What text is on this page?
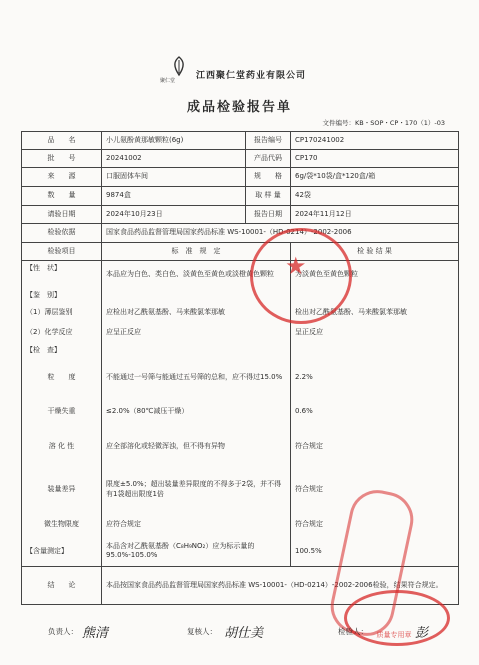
聚仁堂 江西聚仁堂药业有限公司
成品检验报告单
文件编号：KB・SOP・CP・170（1）-03
品　　名	小儿氨酚黄那敏颗粒(6g)	报告编号	CP170241002
批　　号	20241002	产品代码	CP170
来　　源	口服固体车间	规　　格	6g/袋*10袋/盒*120盒/箱
数　　量	9874盒	取 样 量	42袋
请验日期	2024年10月23日	报告日期	2024年11月12日
检验依据	国家食品药品监督管理局国家药品标准 WS-10001-（HD-0214）-2002-2006		
检验项目	标　准　规　定		检 验 结 果
【性　状】	本品应为白色、类白色、淡黄色至黄色或淡橙黄色颗粒		为淡黄色至黄色颗粒
【鉴　别】			
（1）薄层鉴别	应检出对乙酰氨基酚、马来酸氯苯那敏		检出对乙酰氨基酚、马来酸氯苯那敏
（2）化学反应	应呈正反应		呈正反应
【检　查】			
粒　　度	不能通过一号筛与能通过五号筛的总和，应不得过15.0%		2.2%
干燥失重	≤2.0%（80℃减压干燥）		0.6%
溶 化 性	应全部溶化或轻微浑浊，但不得有异物		符合规定
装量差异	限度±5.0%；超出装量差异限度的不得多于2袋，并不得有1袋超出限度1倍		符合规定
微生物限度	应符合规定		符合规定
【含量测定】	本品含对乙酰氨基酚（C₈H₉NO₂）应为标示量的95.0%-105.0%		100.5%
结　　论	本品按国家食品药品监督管理局国家药品标准 WS-10001-（HD-0214）-2002-2006检验，结果符合规定。		
★
质量专用章
负责人： 熊清	复核人： 胡仕美	检验人：	彭
